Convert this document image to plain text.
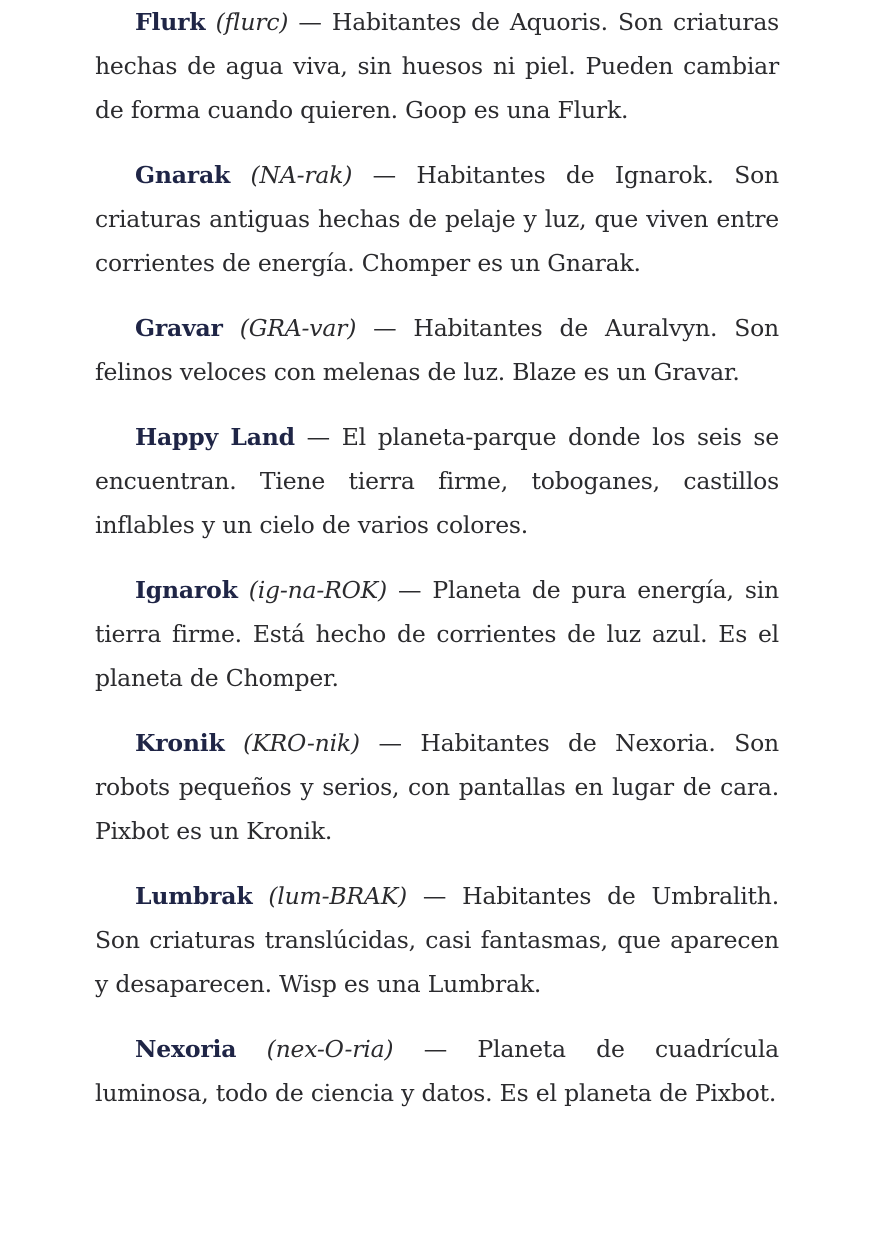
Flurk (flurc) — Habitantes de Aquoris. Son criaturas hechas de agua viva, sin huesos ni piel. Pueden cambiar de forma cuando quieren. Goop es una Flurk.

Gnarak (NA-rak) — Habitantes de Ignarok. Son criaturas antiguas hechas de pelaje y luz, que viven entre corrientes de energía. Chomper es un Gnarak.

Gravar (GRA-var) — Habitantes de Auralvyn. Son felinos veloces con melenas de luz. Blaze es un Gravar.

Happy Land — El planeta-parque donde los seis se encuentran. Tiene tierra firme, toboganes, castillos inflables y un cielo de varios colores.

Ignarok (ig-na-ROK) — Planeta de pura energía, sin tierra firme. Está hecho de corrientes de luz azul. Es el planeta de Chomper.

Kronik (KRO-nik) — Habitantes de Nexoria. Son robots pequeños y serios, con pantallas en lugar de cara. Pixbot es un Kronik.

Lumbrak (lum-BRAK) — Habitantes de Umbralith. Son criaturas translúcidas, casi fantasmas, que aparecen y desaparecen. Wisp es una Lumbrak.

Nexoria (nex-O-ria) — Planeta de cuadrícula luminosa, todo de ciencia y datos. Es el planeta de Pixbot.
